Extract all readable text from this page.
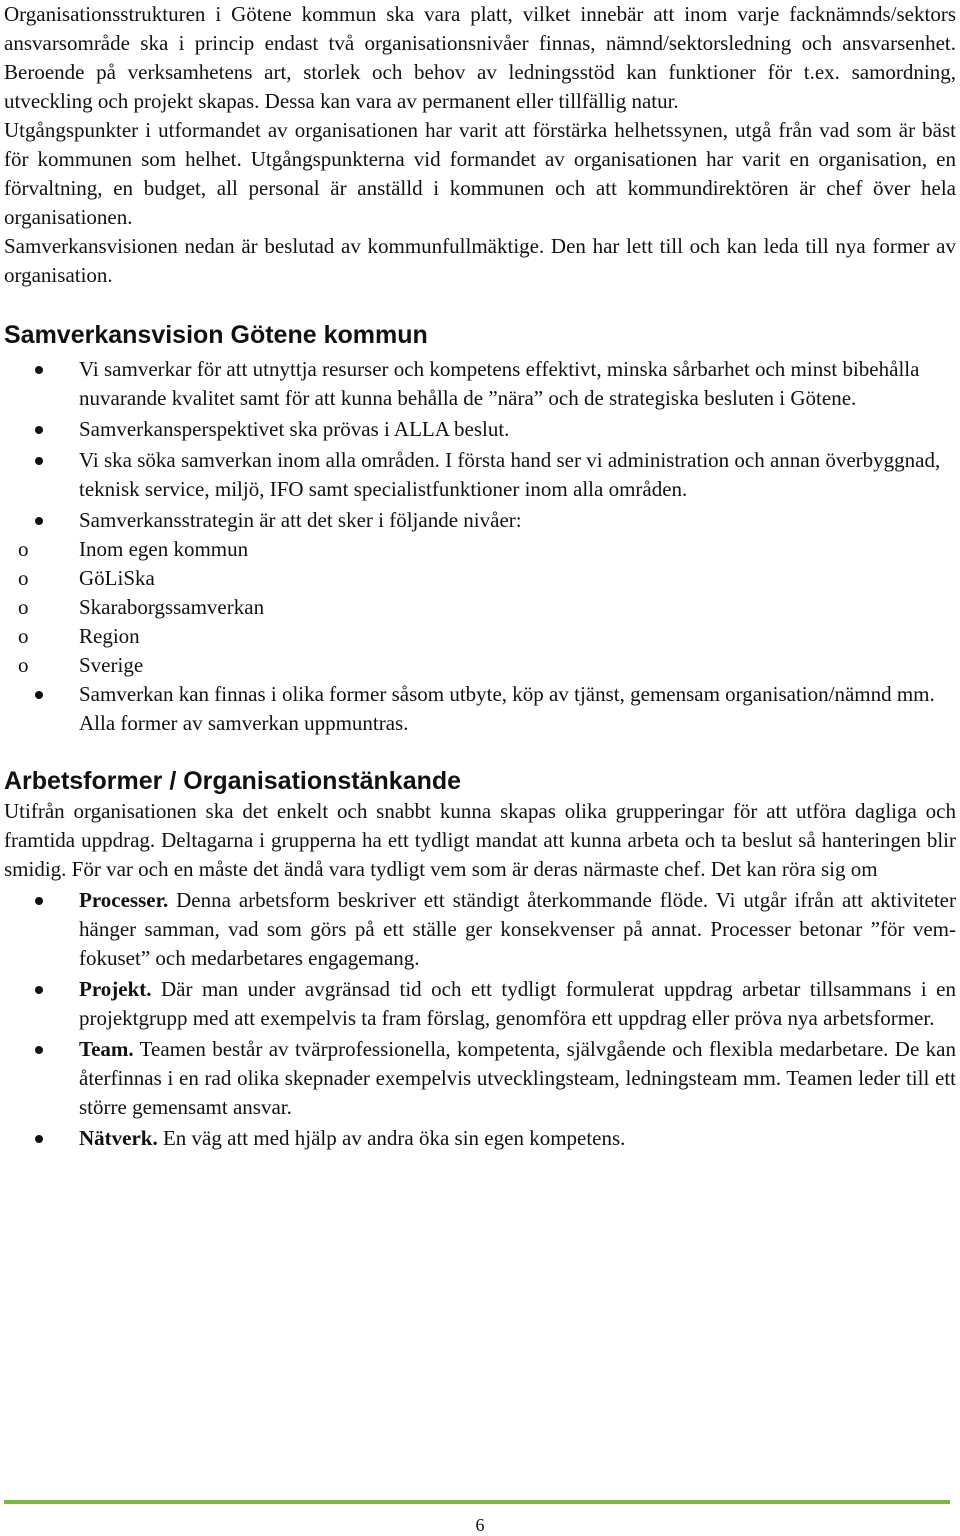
Organisationsstrukturen i Götene kommun ska vara platt, vilket innebär att inom varje facknämnds/sektors ansvarsområde ska i princip endast två organisationsnivåer finnas, nämnd/sektorsledning och ansvarsenhet. Beroende på verksamhetens art, storlek och behov av ledningsstöd kan funktioner för t.ex. samordning, utveckling och projekt skapas. Dessa kan vara av permanent eller tillfällig natur.

Utgångspunkter i utformandet av organisationen har varit att förstärka helhetssynen, utgå från vad som är bäst för kommunen som helhet. Utgångspunkterna vid formandet av organisationen har varit en organisation, en förvaltning, en budget, all personal är anställd i kommunen och att kommundirektören är chef över hela organisationen.

Samverkansvisionen nedan är beslutad av kommunfullmäktige. Den har lett till och kan leda till nya former av organisation.

Samverkansvision Götene kommun
Vi samverkar för att utnyttja resurser och kompetens effektivt, minska sårbarhet och minst bibehålla nuvarande kvalitet samt för att kunna behålla de ”nära” och de strategiska besluten i Götene.
Samverkansperspektivet ska prövas i ALLA beslut.
Vi ska söka samverkan inom alla områden. I första hand ser vi administration och annan överbyggnad, teknisk service, miljö, IFO samt specialistfunktioner inom alla områden.
Samverkansstrategin är att det sker i följande nivåer:
o Inom egen kommun
o GöLiSka
o Skaraborgssamverkan
o Region
o Sverige
Samverkan kan finnas i olika former såsom utbyte, köp av tjänst, gemensam organisation/nämnd mm. Alla former av samverkan uppmuntras.
Arbetsformer / Organisationstänkande

Utifrån organisationen ska det enkelt och snabbt kunna skapas olika grupperingar för att utföra dagliga och framtida uppdrag. Deltagarna i grupperna ha ett tydligt mandat att kunna arbeta och ta beslut så hanteringen blir smidig. För var och en måste det ändå vara tydligt vem som är deras närmaste chef. Det kan röra sig om

Processer. Denna arbetsform beskriver ett ständigt återkommande flöde. Vi utgår ifrån att aktiviteter hänger samman, vad som görs på ett ställe ger konsekvenser på annat. Processer betonar ”för vem-fokuset” och medarbetares engagemang.
Projekt. Där man under avgränsad tid och ett tydligt formulerat uppdrag arbetar tillsammans i en projektgrupp med att exempelvis ta fram förslag, genomföra ett uppdrag eller pröva nya arbetsformer.
Team. Teamen består av tvärprofessionella, kompetenta, självgående och flexibla medarbetare. De kan återfinnas i en rad olika skepnader exempelvis utvecklingsteam, ledningsteam mm. Teamen leder till ett större gemensamt ansvar.
Nätverk. En väg att med hjälp av andra öka sin egen kompetens.
6
